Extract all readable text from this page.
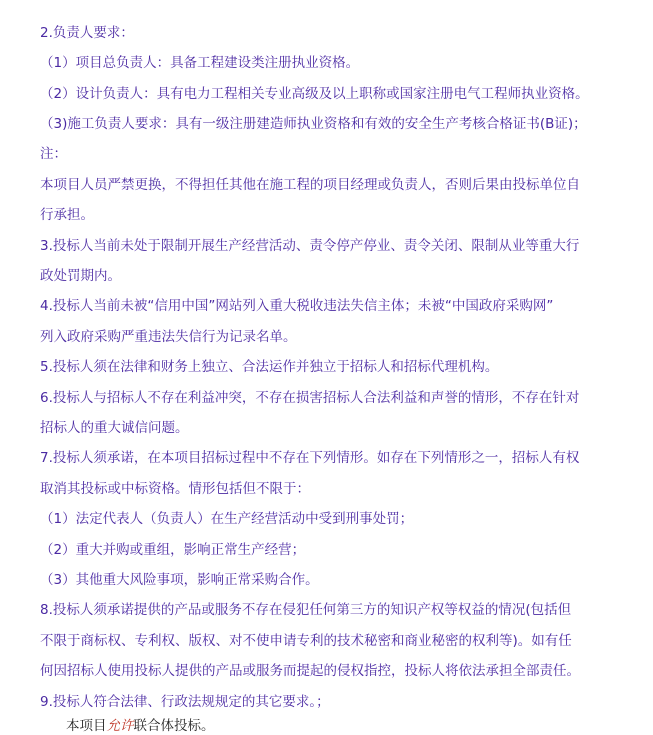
2.负责人要求：
（1）项目总负责人：具备工程建设类注册执业资格。
（2）设计负责人：具有电力工程相关专业高级及以上职称或国家注册电气工程师执业资格。
（3)施工负责人要求：具有一级注册建造师执业资格和有效的安全生产考核合格证书(B证)；
注：
本项目人员严禁更换，不得担任其他在施工程的项目经理或负责人，否则后果由投标单位自
行承担。
3.投标人当前未处于限制开展生产经营活动、责令停产停业、责令关闭、限制从业等重大行
政处罚期内。
4.投标人当前未被“信用中国”网站列入重大税收违法失信主体；未被“中国政府采购网”
列入政府采购严重违法失信行为记录名单。
5.投标人须在法律和财务上独立、合法运作并独立于招标人和招标代理机构。
6.投标人与招标人不存在利益冲突，不存在损害招标人合法利益和声誉的情形，不存在针对
招标人的重大诚信问题。
7.投标人须承诺，在本项目招标过程中不存在下列情形。如存在下列情形之一，招标人有权
取消其投标或中标资格。情形包括但不限于：
（1）法定代表人（负责人）在生产经营活动中受到刑事处罚；
（2）重大并购或重组，影响正常生产经营；
（3）其他重大风险事项，影响正常采购合作。
8.投标人须承诺提供的产品或服务不存在侵犯任何第三方的知识产权等权益的情况(包括但
不限于商标权、专利权、版权、对不使申请专利的技术秘密和商业秘密的权利等)。如有任
何因招标人使用投标人提供的产品或服务而提起的侵权指控，投标人将依法承担全部责任。
9.投标人符合法律、行政法规规定的其它要求。；
本项目允许联合体投标。
